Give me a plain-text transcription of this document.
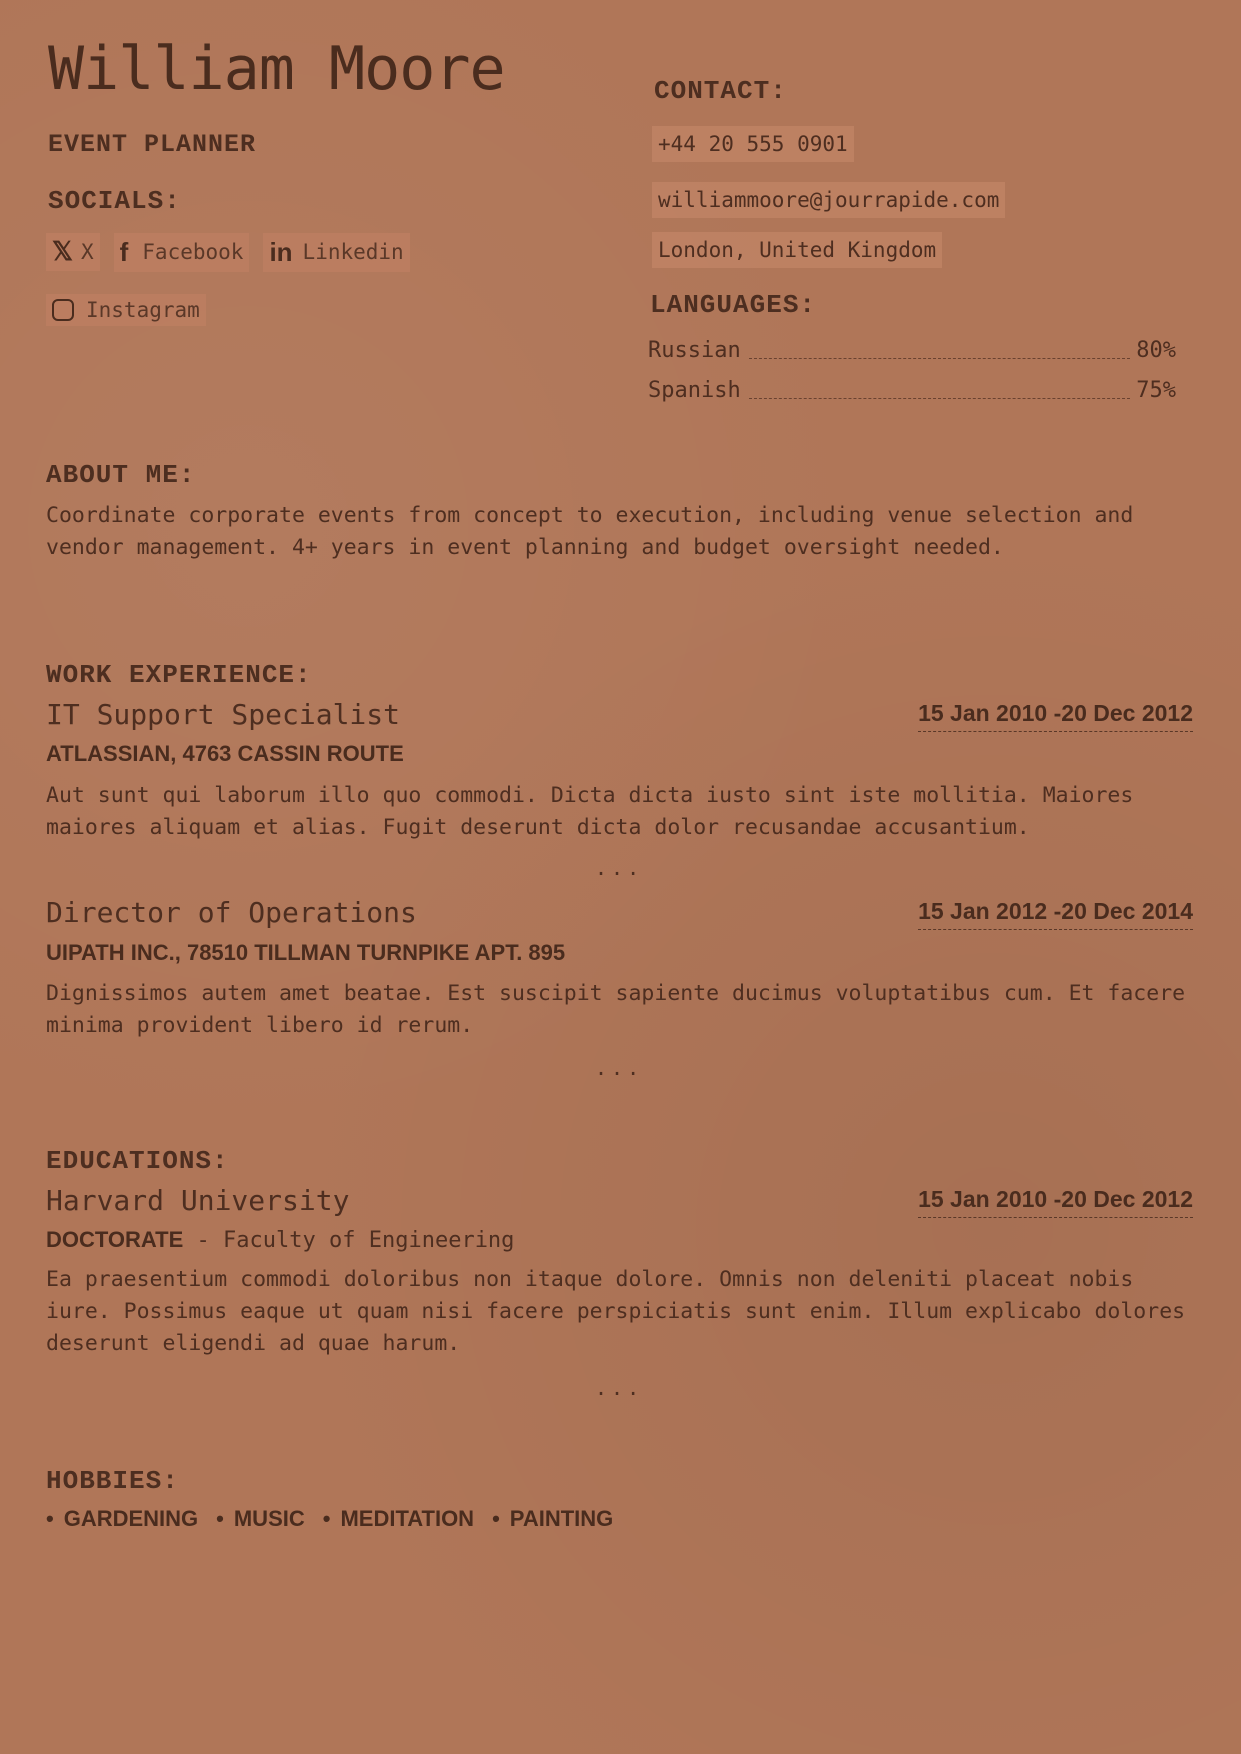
William Moore
EVENT PLANNER
SOCIALS:
𝕏 X f Facebook in Linkedin
Instagram
CONTACT:
+44 20 555 0901
williammoore@jourrapide.com
London, United Kingdom
LANGUAGES:
Russian	80%
Spanish	75%
ABOUT ME:
Coordinate corporate events from concept to execution, including venue selection and vendor management. 4+ years in event planning and budget oversight needed.
WORK EXPERIENCE:
IT Support Specialist	15 Jan 2010 -20 Dec 2012
ATLASSIAN, 4763 CASSIN ROUTE
Aut sunt qui laborum illo quo commodi. Dicta dicta iusto sint iste mollitia. Maiores maiores aliquam et alias. Fugit deserunt dicta dolor recusandae accusantium.
...
Director of Operations	15 Jan 2012 -20 Dec 2014
UIPATH INC., 78510 TILLMAN TURNPIKE APT. 895
Dignissimos autem amet beatae. Est suscipit sapiente ducimus voluptatibus cum. Et facere minima provident libero id rerum.
...
EDUCATIONS:
Harvard University	15 Jan 2010 -20 Dec 2012
DOCTORATE - Faculty of Engineering
Ea praesentium commodi doloribus non itaque dolore. Omnis non deleniti placeat nobis iure. Possimus eaque ut quam nisi facere perspiciatis sunt enim. Illum explicabo dolores deserunt eligendi ad quae harum.
...
HOBBIES:
• GARDENING	• MUSIC	• MEDITATION	• PAINTING
